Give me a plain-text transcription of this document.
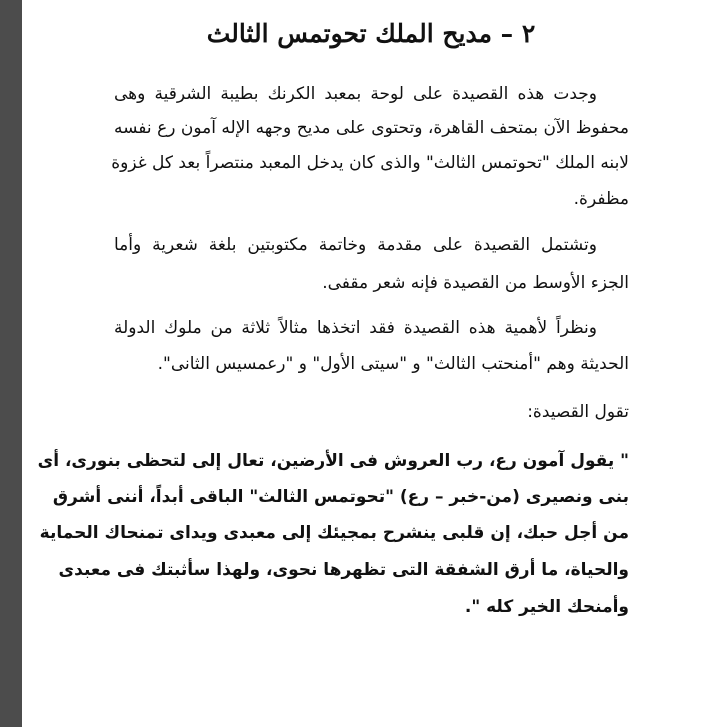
٢ – مديح الملك تحوتمس الثالث

وجدت هذه القصيدة على لوحة بمعبد الكرنك بطيبة الشرقية وهى

محفوظ الآن بمتحف القاهرة، وتحتوى على مديح وجهه الإله آمون رع نفسه

لابنه الملك "تحوتمس الثالث" والذى كان يدخل المعبد منتصراً بعد كل غزوة

مظفرة.

وتشتمل القصيدة على مقدمة وخاتمة مكتوبتين بلغة شعرية وأما

الجزء الأوسط من القصيدة فإنه شعر مقفى.

ونظراً لأهمية هذه القصيدة فقد اتخذها مثالاً ثلاثة من ملوك الدولة

الحديثة وهم "أمنحتب الثالث" و "سيتى الأول" و "رعمسيس الثانى".

تقول القصيدة:

" يقول آمون رع، رب العروش فى الأرضين، تعال إلى لتحظى بنورى، أى

بنى ونصيرى (من-خبر – رع) "تحوتمس الثالث" الباقى أبداً، أننى أشرق

من أجل حبك، إن قلبى ينشرح بمجيئك إلى معبدى ويداى تمنحاك الحماية

والحياة، ما أرق الشفقة التى تظهرها نحوى، ولهذا سأثبتك فى معبدى

وأمنحك الخير كله ".
